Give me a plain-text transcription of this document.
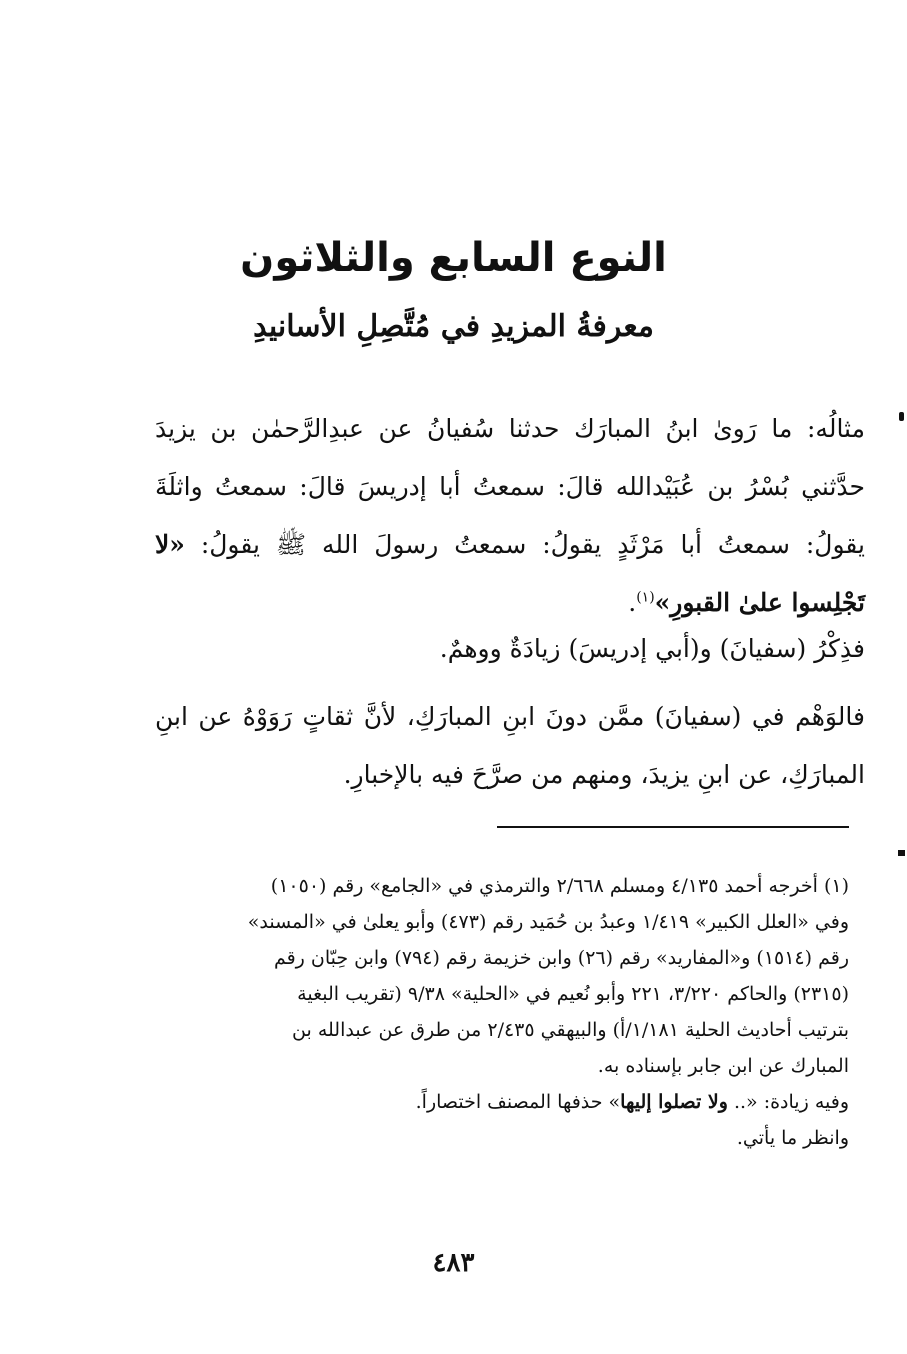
النوع السابع والثلاثون
معرفةُ المزيدِ في مُتَّصِلِ الأسانيدِ

مثالُه: ما رَوىٰ ابنُ المبارَك حدثنا سُفيانُ عن عبدِالرَّحمٰن بن يزيدَ حدَّثني بُسْرُ بن عُبَيْدالله قالَ: سمعتُ أبا إدريسَ قالَ: سمعتُ واثلَةَ يقولُ: سمعتُ أبا مَرْثَدٍ يقولُ: سمعتُ رسولَ الله ﷺ يقولُ: «لا تَجْلِسوا علىٰ القبورِ»$^{(١)}$.

فذِكْرُ (سفيانَ) و(أبي إدريسَ) زيادَةٌ ووهمٌ.

فالوَهْم في (سفيانَ) ممَّن دونَ ابنِ المبارَكِ، لأنَّ ثقاتٍ رَوَوْهُ عن ابنِ المبارَكِ، عن ابنِ يزيدَ، ومنهم من صرَّحَ فيه بالإخبارِ.

(١) أخرجه أحمد ٤/١٣٥ ومسلم ٢/٦٦٨ والترمذي في «الجامع» رقم (١٠٥٠)
وفي «العلل الكبير» ١/٤١٩ وعبدُ بن حُمَيد رقم (٤٧٣) وأبو يعلىٰ في «المسند»
رقم (١٥١٤) و«المفاريد» رقم (٢٦) وابن خزيمة رقم (٧٩٤) وابن حِبّان رقم
(٢٣١٥) والحاكم ٣/٢٢٠، ٢٢١ وأبو نُعيم في «الحلية» ٩/٣٨ (تقريب البغية
بترتيب أحاديث الحلية ١/١٨١/أ) والبيهقي ٢/٤٣٥ من طرق عن عبدالله بن
المبارك عن ابن جابر بإسناده به.
وفيه زيادة: «.. ولا تصلوا إليها» حذفها المصنف اختصاراً.
وانظر ما يأتي.

٤٨٣
